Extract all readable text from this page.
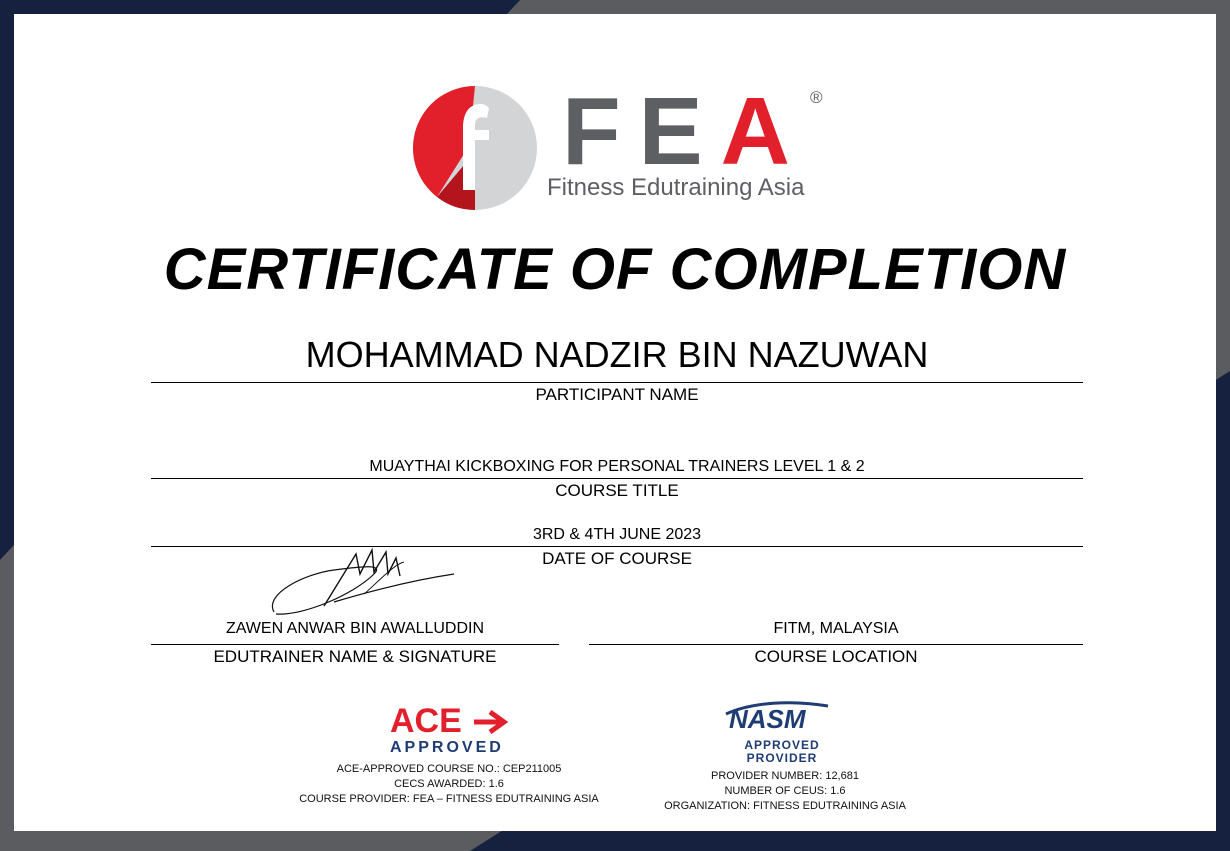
FEA ®
Fitness Edutraining Asia
CERTIFICATE OF COMPLETION
MOHAMMAD NADZIR BIN NAZUWAN
PARTICIPANT NAME
MUAYTHAI KICKBOXING FOR PERSONAL TRAINERS LEVEL 1 & 2
COURSE TITLE
3RD & 4TH JUNE 2023
DATE OF COURSE
ZAWEN ANWAR BIN AWALLUDDIN
EDUTRAINER NAME & SIGNATURE
FITM, MALAYSIA
COURSE LOCATION
ACE
APPROVED
ACE-APPROVED COURSE NO.: CEP211005
CECS AWARDED: 1.6
COURSE PROVIDER: FEA – FITNESS EDUTRAINING ASIA
NASM
APPROVED
PROVIDER
PROVIDER NUMBER: 12,681
NUMBER OF CEUS: 1.6
ORGANIZATION: FITNESS EDUTRAINING ASIA
